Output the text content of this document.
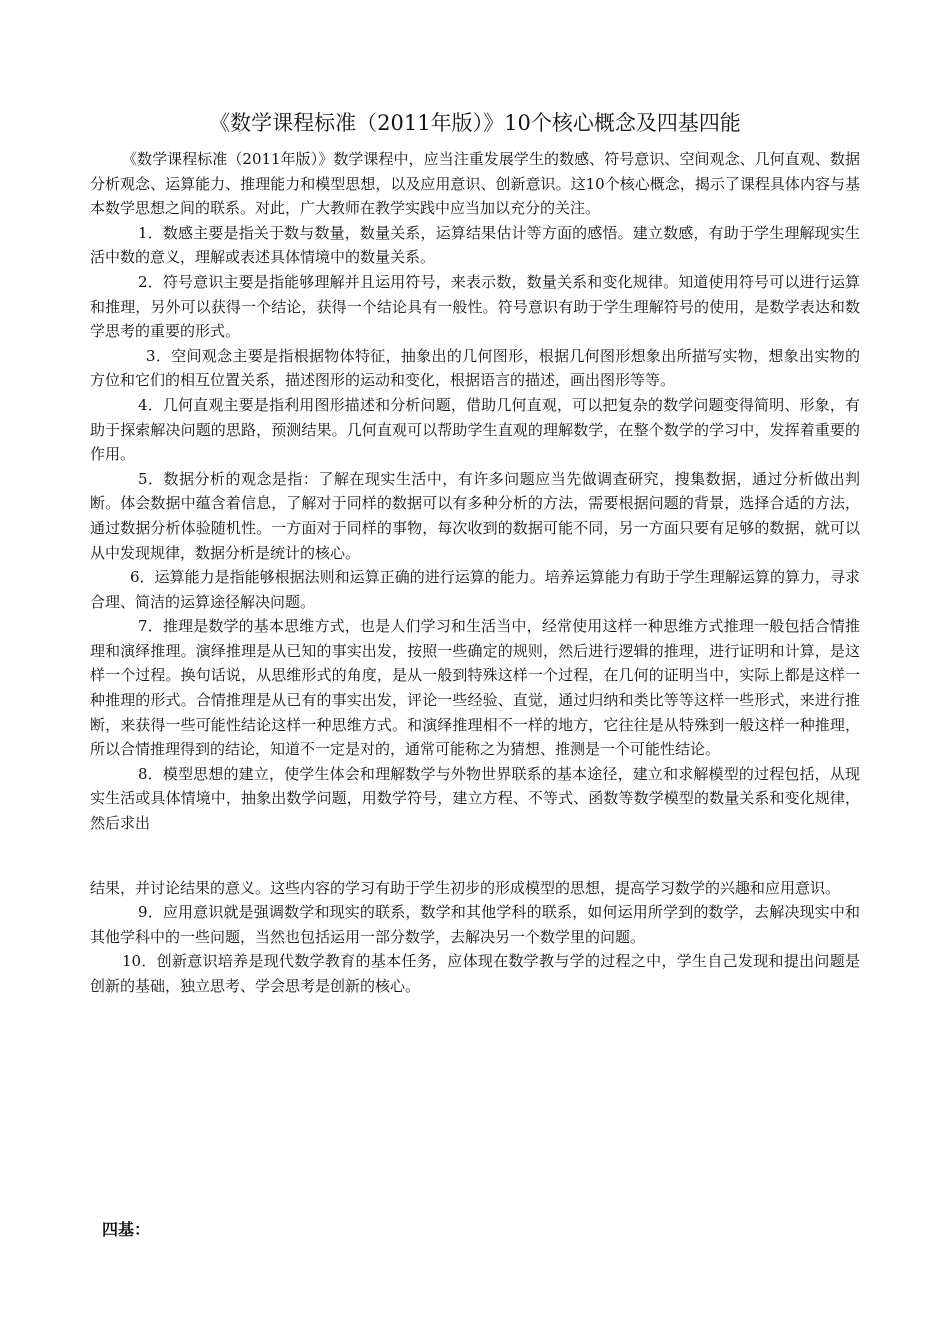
《数学课程标准（2011年版）》10个核心概念及四基四能

《数学课程标准（2011年版）》数学课程中，应当注重发展学生的数感、符号意识、空间观念、几何直观、数据分析观念、运算能力、推理能力和模型思想，以及应用意识、创新意识。这10个核心概念，揭示了课程具体内容与基本数学思想之间的联系。对此，广大教师在教学实践中应当加以充分的关注。

1．数感主要是指关于数与数量，数量关系，运算结果估计等方面的感悟。建立数感，有助于学生理解现实生活中数的意义，理解或表述具体情境中的数量关系。

2．符号意识主要是指能够理解并且运用符号，来表示数，数量关系和变化规律。知道使用符号可以进行运算和推理，另外可以获得一个结论，获得一个结论具有一般性。符号意识有助于学生理解符号的使用，是数学表达和数学思考的重要的形式。

3．空间观念主要是指根据物体特征，抽象出的几何图形，根据几何图形想象出所描写实物，想象出实物的方位和它们的相互位置关系，描述图形的运动和变化，根据语言的描述，画出图形等等。

4．几何直观主要是指利用图形描述和分析问题，借助几何直观，可以把复杂的数学问题变得简明、形象，有助于探索解决问题的思路，预测结果。几何直观可以帮助学生直观的理解数学，在整个数学的学习中，发挥着重要的作用。

5．数据分析的观念是指：了解在现实生活中，有许多问题应当先做调查研究，搜集数据，通过分析做出判断。体会数据中蕴含着信息，了解对于同样的数据可以有多种分析的方法，需要根据问题的背景，选择合适的方法，通过数据分析体验随机性。一方面对于同样的事物，每次收到的数据可能不同，另一方面只要有足够的数据，就可以从中发现规律，数据分析是统计的核心。

6．运算能力是指能够根据法则和运算正确的进行运算的能力。培养运算能力有助于学生理解运算的算力，寻求合理、简洁的运算途径解决问题。

7．推理是数学的基本思维方式，也是人们学习和生活当中，经常使用这样一种思维方式推理一般包括合情推理和演绎推理。演绎推理是从已知的事实出发，按照一些确定的规则，然后进行逻辑的推理，进行证明和计算，是这样一个过程。换句话说，从思维形式的角度，是从一般到特殊这样一个过程，在几何的证明当中，实际上都是这样一种推理的形式。合情推理是从已有的事实出发，评论一些经验、直觉，通过归纳和类比等等这样一些形式，来进行推断，来获得一些可能性结论这样一种思维方式。和演绎推理相不一样的地方，它往往是从特殊到一般这样一种推理，所以合情推理得到的结论，知道不一定是对的，通常可能称之为猜想、推测是一个可能性结论。

8．模型思想的建立，使学生体会和理解数学与外物世界联系的基本途径，建立和求解模型的过程包括，从现实生活或具体情境中，抽象出数学问题，用数学符号，建立方程、不等式、函数等数学模型的数量关系和变化规律，然后求出

结果，并讨论结果的意义。这些内容的学习有助于学生初步的形成模型的思想，提高学习数学的兴趣和应用意识。

9．应用意识就是强调数学和现实的联系，数学和其他学科的联系，如何运用所学到的数学，去解决现实中和其他学科中的一些问题，当然也包括运用一部分数学，去解决另一个数学里的问题。

10．创新意识培养是现代数学教育的基本任务，应体现在数学教与学的过程之中，学生自己发现和提出问题是创新的基础，独立思考、学会思考是创新的核心。

四基：
